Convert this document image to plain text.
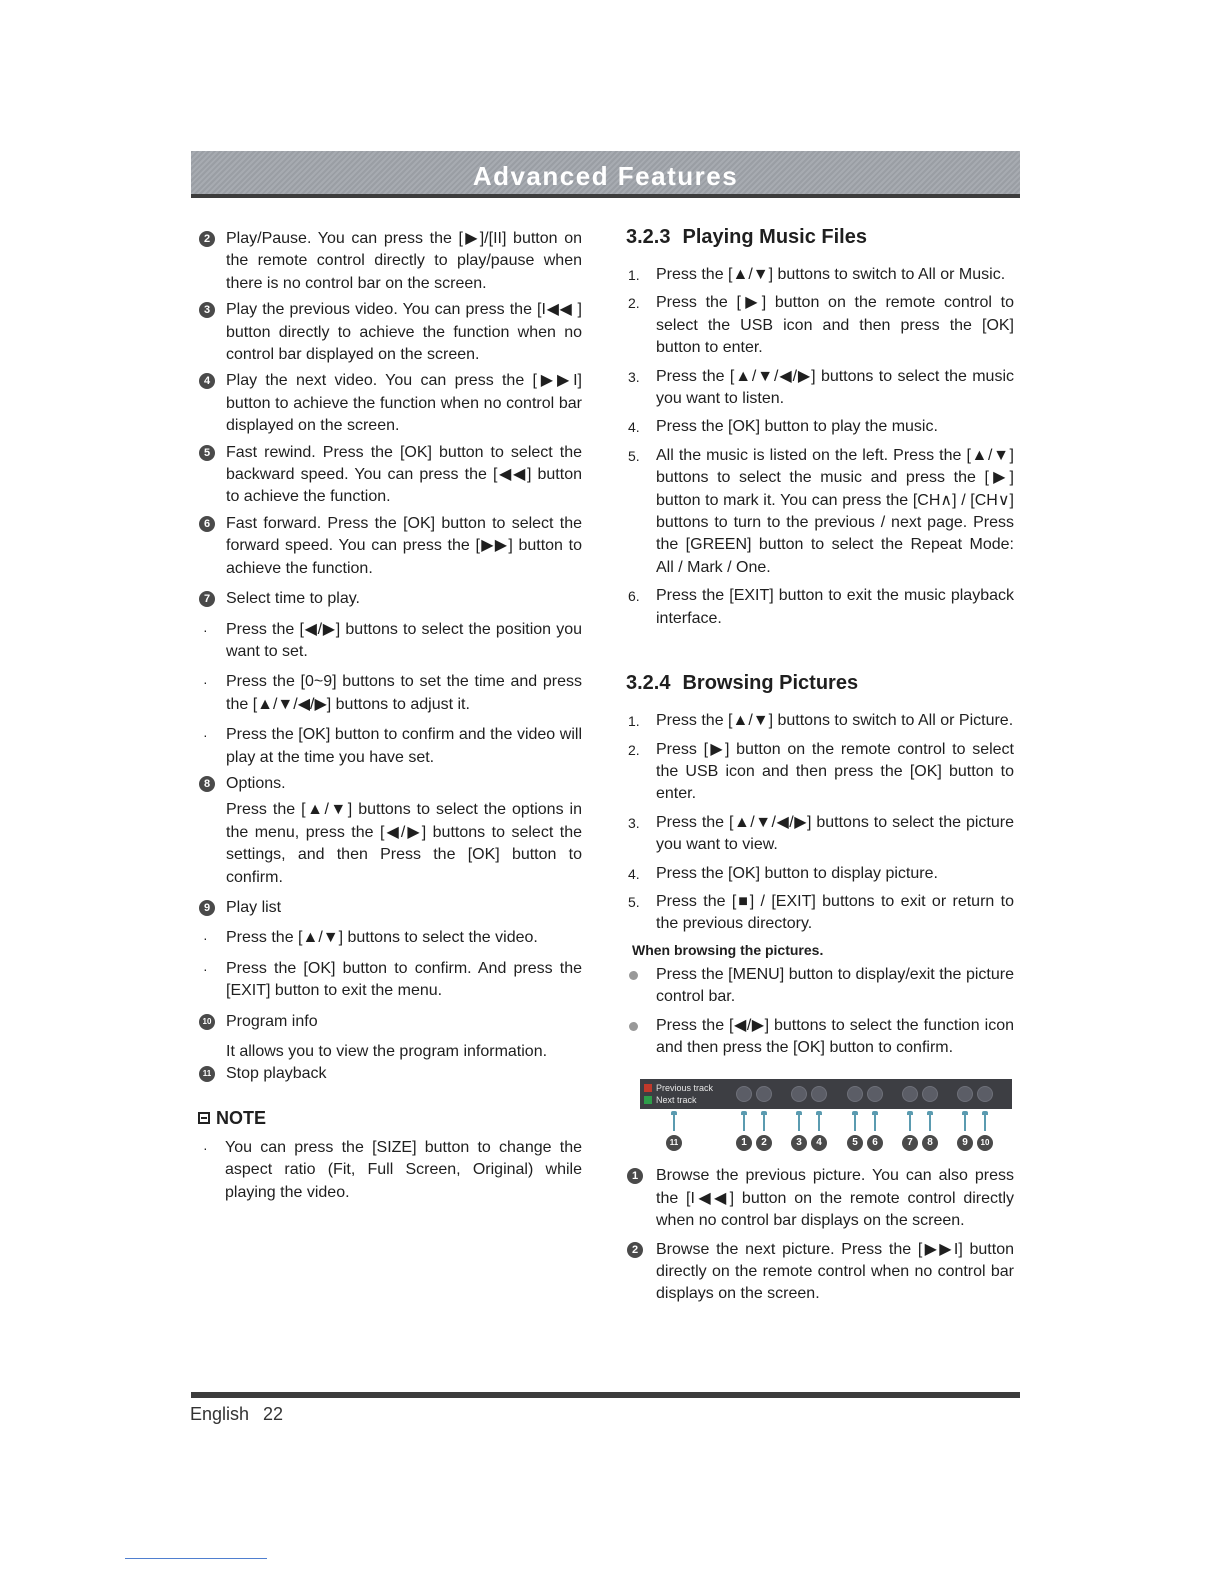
Advanced Features
2 Play/Pause. You can press the [▶]/[II] button on the remote control directly to play/pause when there is no control bar on the screen.
3 Play the previous video. You can press the [I◀◀ ] button directly to achieve the function when no control bar displayed on the screen.
4 Play the next video. You can press the [▶▶I] button to achieve the function when no control bar displayed on the screen.
5 Fast rewind. Press the [OK] button to select the backward speed. You can press the [◀◀] button to achieve the function.
6 Fast forward. Press the [OK] button to select the forward speed. You can press the [▶▶] button to achieve the function.
7 Select time to play.
· Press the [◀/▶] buttons to select the position you want to set.
· Press the [0~9] buttons to set the time and press the [▲/▼/◀/▶] buttons to adjust it.
· Press the [OK] button to confirm and the video will play at the time you have set.
8 Options.
Press the [▲/▼] buttons to select the options in the menu, press the [◀/▶] buttons to select the settings, and then Press the [OK] button to confirm.
9 Play list
· Press the [▲/▼] buttons to select the video.
· Press the [OK] button to confirm. And press the [EXIT] button to exit the menu.
10 Program info
It allows you to view the program information.
11 Stop playback
NOTE
· You can press the [SIZE] button to change the aspect ratio (Fit, Full Screen, Original) while playing the video.
3.2.3 Playing Music Files
1. Press the [▲/▼] buttons to switch to All or Music.
2. Press the [▶] button on the remote control to select the USB icon and then press the [OK] button to enter.
3. Press the [▲/▼/◀/▶] buttons to select the music you want to listen.
4. Press the [OK] button to play the music.
5. All the music is listed on the left. Press the [▲/▼] buttons to select the music and press the [▶] button to mark it. You can press the [CH∧] / [CH∨] buttons to turn to the previous / next page. Press the [GREEN] button to select the Repeat Mode: All / Mark / One.
6. Press the [EXIT] button to exit the music playback interface.
3.2.4 Browsing Pictures
1. Press the [▲/▼] buttons to switch to All or Picture.
2. Press [▶] button on the remote control to select the USB icon and then press the [OK] button to enter.
3. Press the [▲/▼/◀/▶] buttons to select the picture you want to view.
4. Press the [OK] button to display picture.
5. Press the [■] / [EXIT] buttons to exit or return to the previous directory.
When browsing the pictures.
Press the [MENU] button to display/exit the picture control bar.
Press the [◀/▶] buttons to select the function icon and then press the [OK] button to confirm.
Previous track
Next track
11	1	2	3	4	5	6	7	8	9	10
1	Browse the previous picture. You can also press the [I◀◀] button on the remote control directly when no control bar displays on the screen.
2	Browse the next picture. Press the [▶▶I] button directly on the remote control when no control bar displays on the screen.
English 22
